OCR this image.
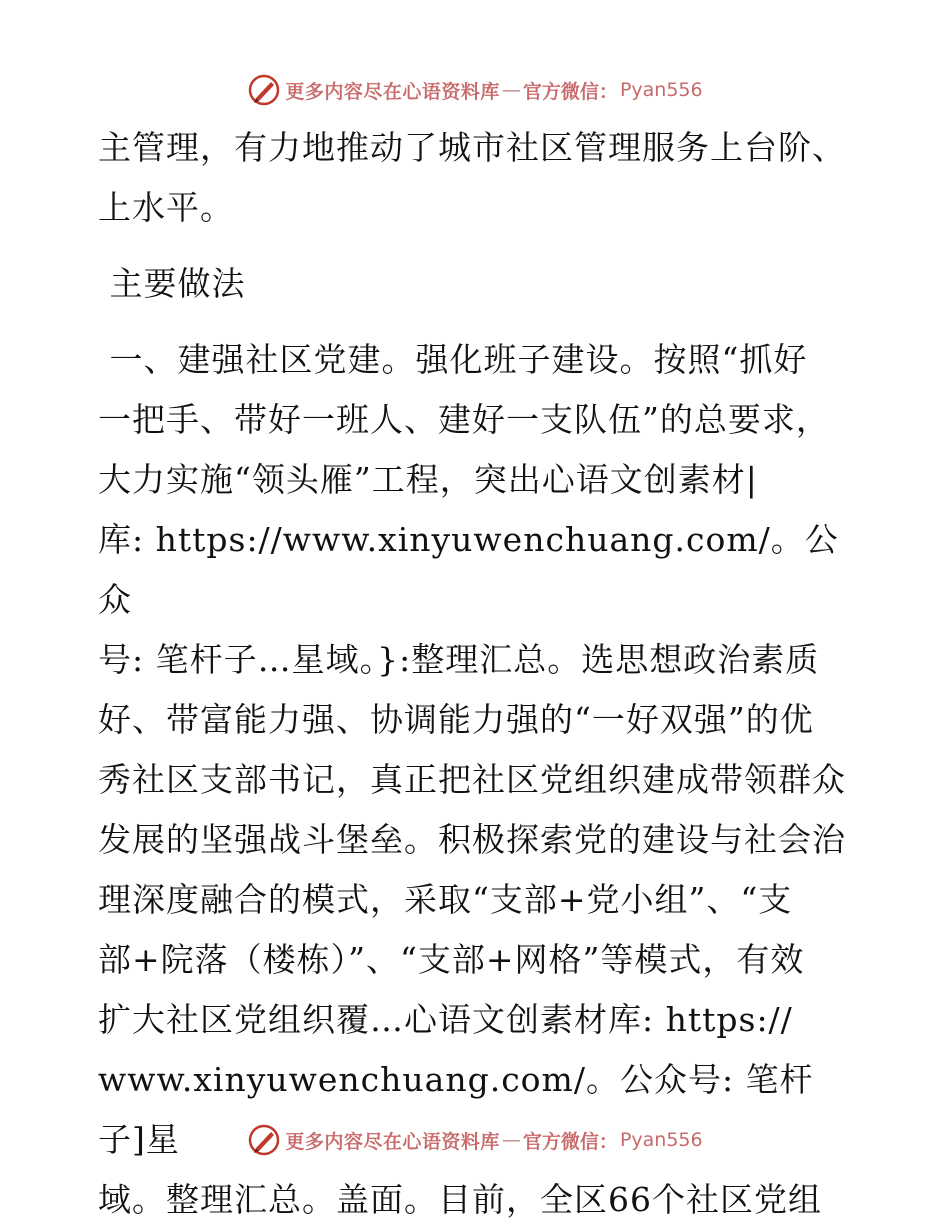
更多内容尽在心语资料库 — 官方微信： Pyan556

主管理，有力地推动了城市社区管理服务上台阶、
上水平。

主要做法

一、建强社区党建。强化班子建设。按照“抓好
一把手、带好一班人、建好一支队伍”的总要求，
大力实施“领头雁”工程，突出心语文创素材|
库: https://www.xinyuwenchuang.com/。公众
号: 笔杆子…星域。}:整理汇总。选思想政治素质
好、带富能力强、协调能力强的“一好双强”的优
秀社区支部书记，真正把社区党组织建成带领群众
发展的坚强战斗堡垒。积极探索党的建设与社会治
理深度融合的模式，采取“支部+党小组”、“支
部+院落（楼栋）”、“支部+网格”等模式，有效
扩大社区党组织覆…心语文创素材库: https://
www.xinyuwenchuang.com/。公众号: 笔杆子]星
域。整理汇总。盖面。目前，全区66个社区党组

更多内容尽在心语资料库 — 官方微信： Pyan556
